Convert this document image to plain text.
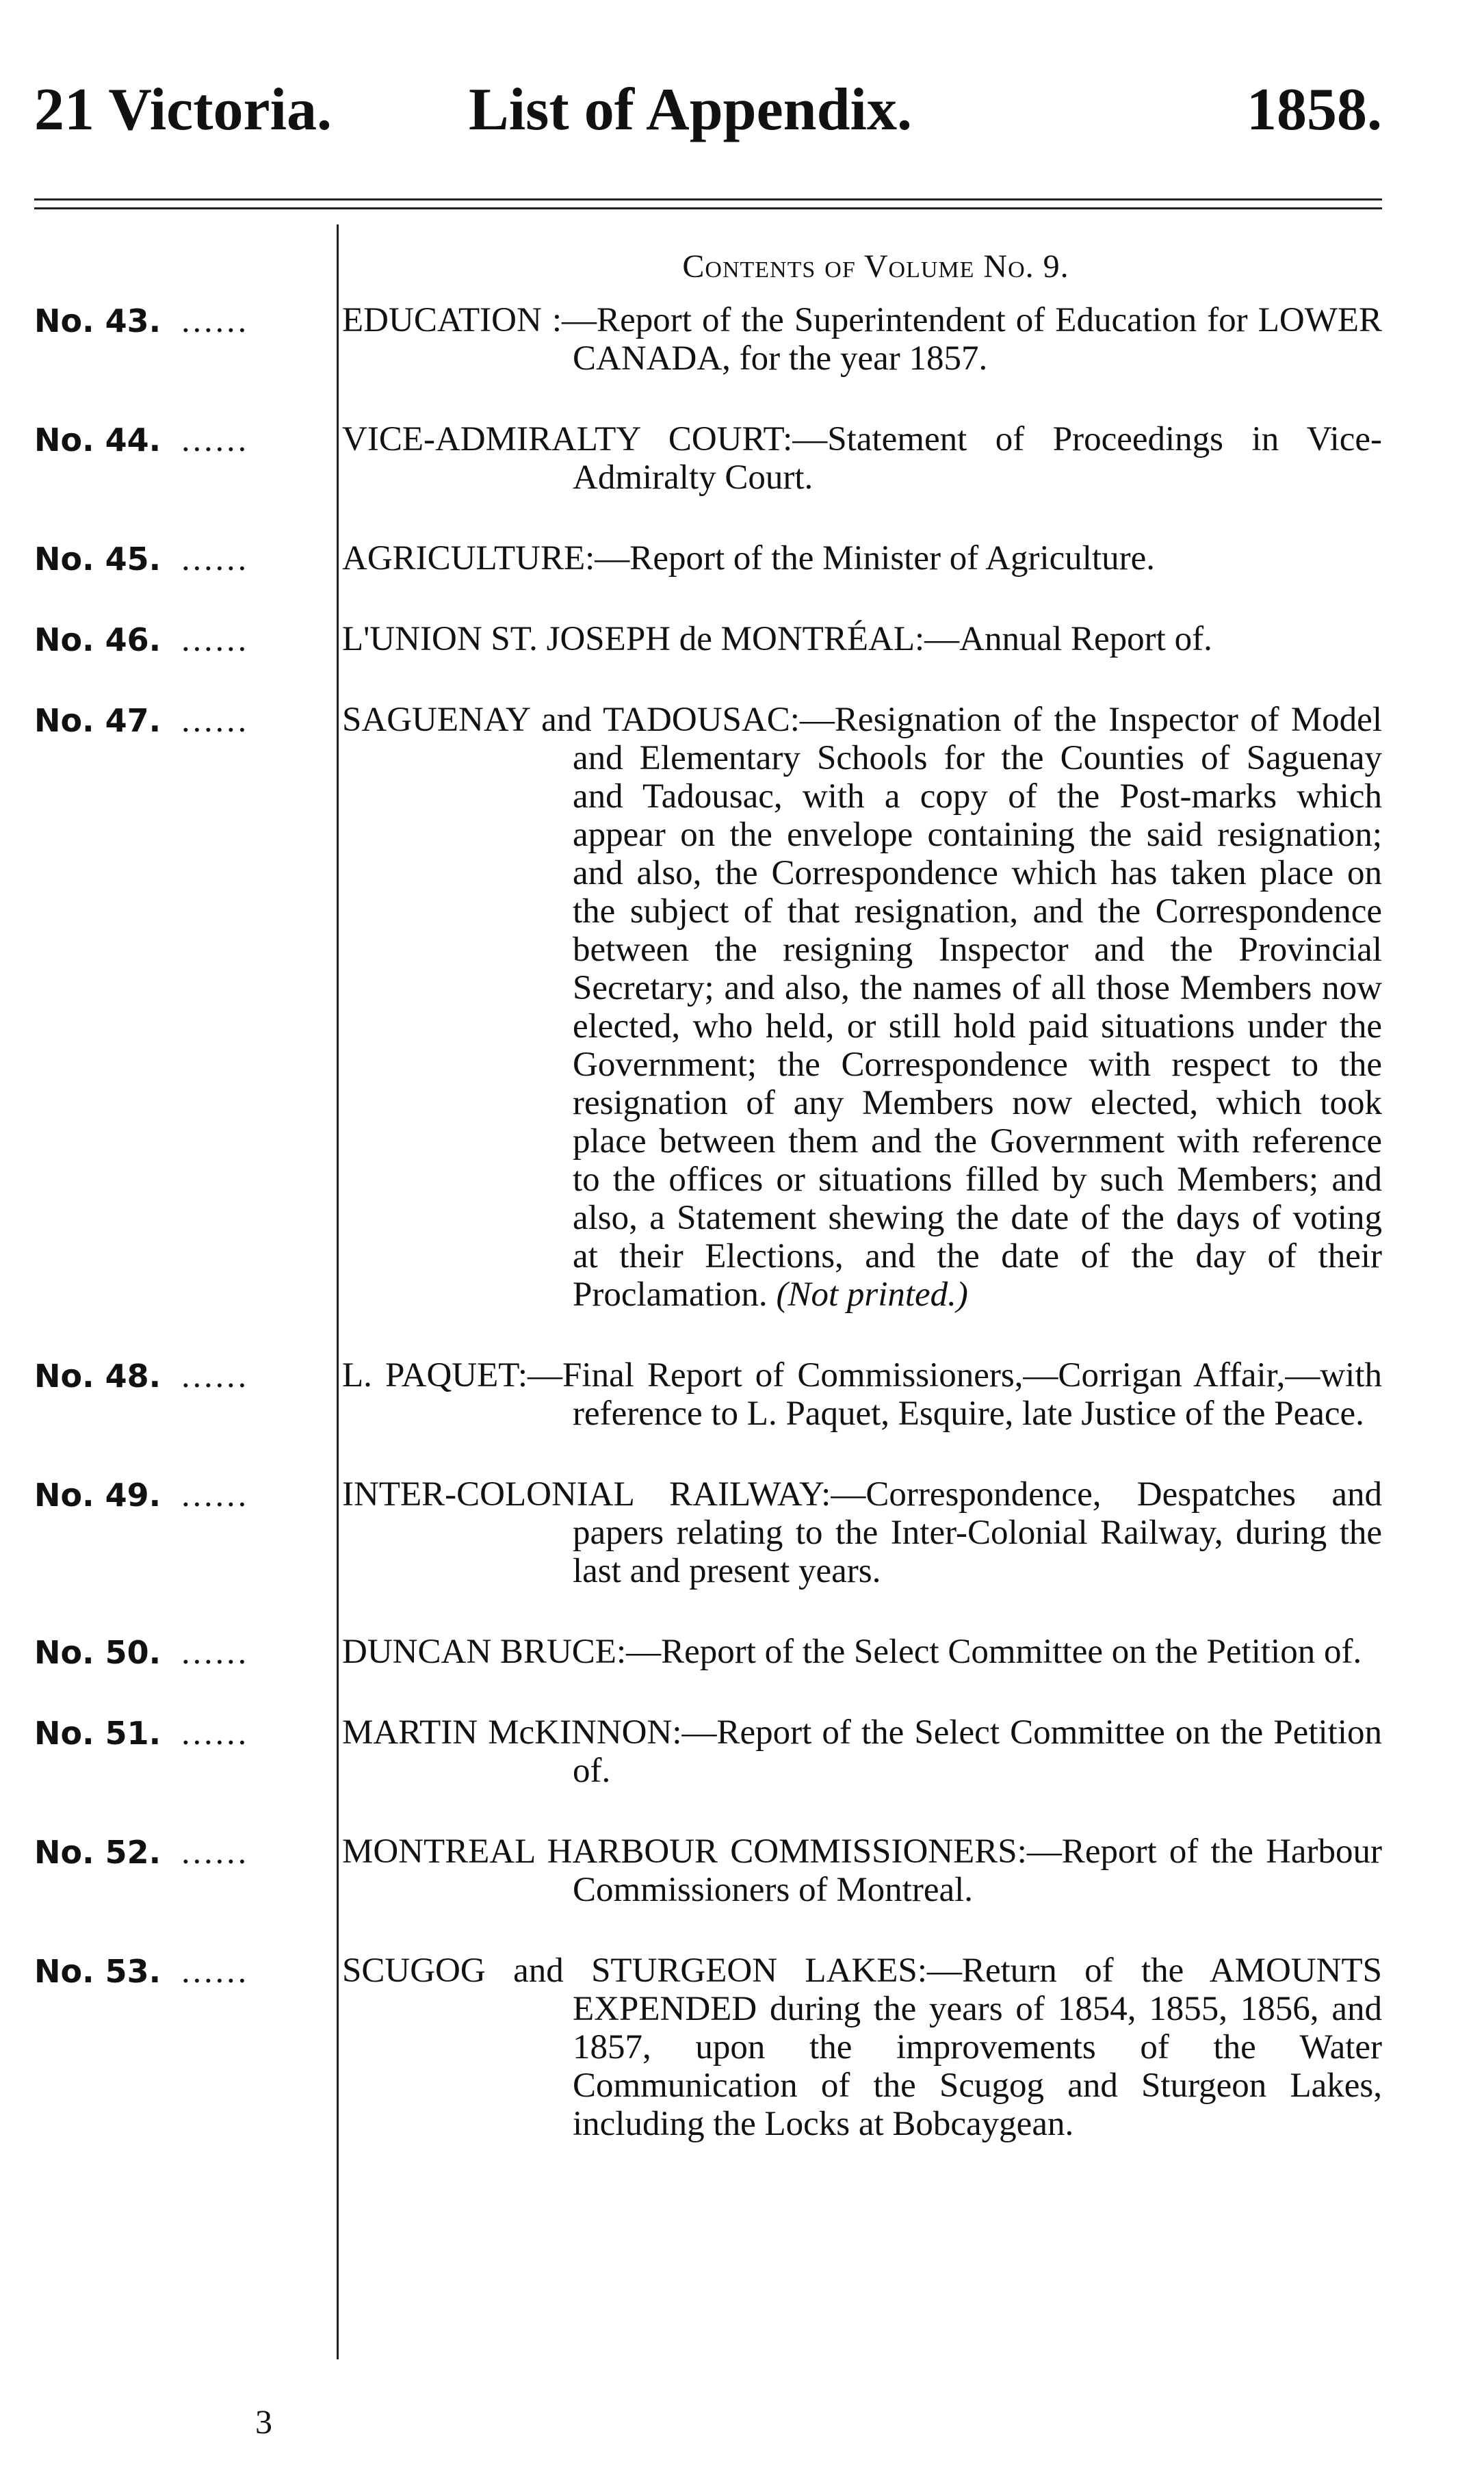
21 Victoria. List of Appendix.	1858.
Contents of Volume No. 9.
No. 43. ......	EDUCATION :—Report of the Superintendent of Education for LOWER CANADA, for the year 1857.
No. 44. ......	VICE-ADMIRALTY COURT:—Statement of Proceedings in Vice-Admiralty Court.
No. 45. ......	AGRICULTURE:—Report of the Minister of Agriculture.
No. 46. ......	L'UNION ST. JOSEPH de MONTRÉAL:—Annual Report of.
No. 47. ......	SAGUENAY and TADOUSAC:—Resignation of the Inspector of Model and Elementary Schools for the Counties of Saguenay and Tadousac, with a copy of the Post-marks which appear on the envelope containing the said resignation; and also, the Correspondence which has taken place on the subject of that resignation, and the Correspondence between the resigning Inspector and the Provincial Secretary; and also, the names of all those Members now elected, who held, or still hold paid situations under the Government; the Correspondence with respect to the resignation of any Members now elected, which took place between them and the Government with reference to the offices or situations filled by such Members; and also, a Statement shewing the date of the days of voting at their Elections, and the date of the day of their Proclamation. (Not printed.)
No. 48. ......	L. PAQUET:—Final Report of Commissioners,—Corrigan Affair,—with reference to L. Paquet, Esquire, late Justice of the Peace.
No. 49. ......	INTER-COLONIAL RAILWAY:—Correspondence, Despatches and papers relating to the Inter-Colonial Railway, during the last and present years.
No. 50. ......	DUNCAN BRUCE:—Report of the Select Committee on the Petition of.
No. 51. ......	MARTIN McKINNON:—Report of the Select Committee on the Petition of.
No. 52. ......	MONTREAL HARBOUR COMMISSIONERS:—Report of the Harbour Commissioners of Montreal.
No. 53. ......	SCUGOG and STURGEON LAKES:—Return of the AMOUNTS EXPENDED during the years of 1854, 1855, 1856, and 1857, upon the improvements of the Water Communication of the Scugog and Sturgeon Lakes, including the Locks at Bobcaygean.
3
